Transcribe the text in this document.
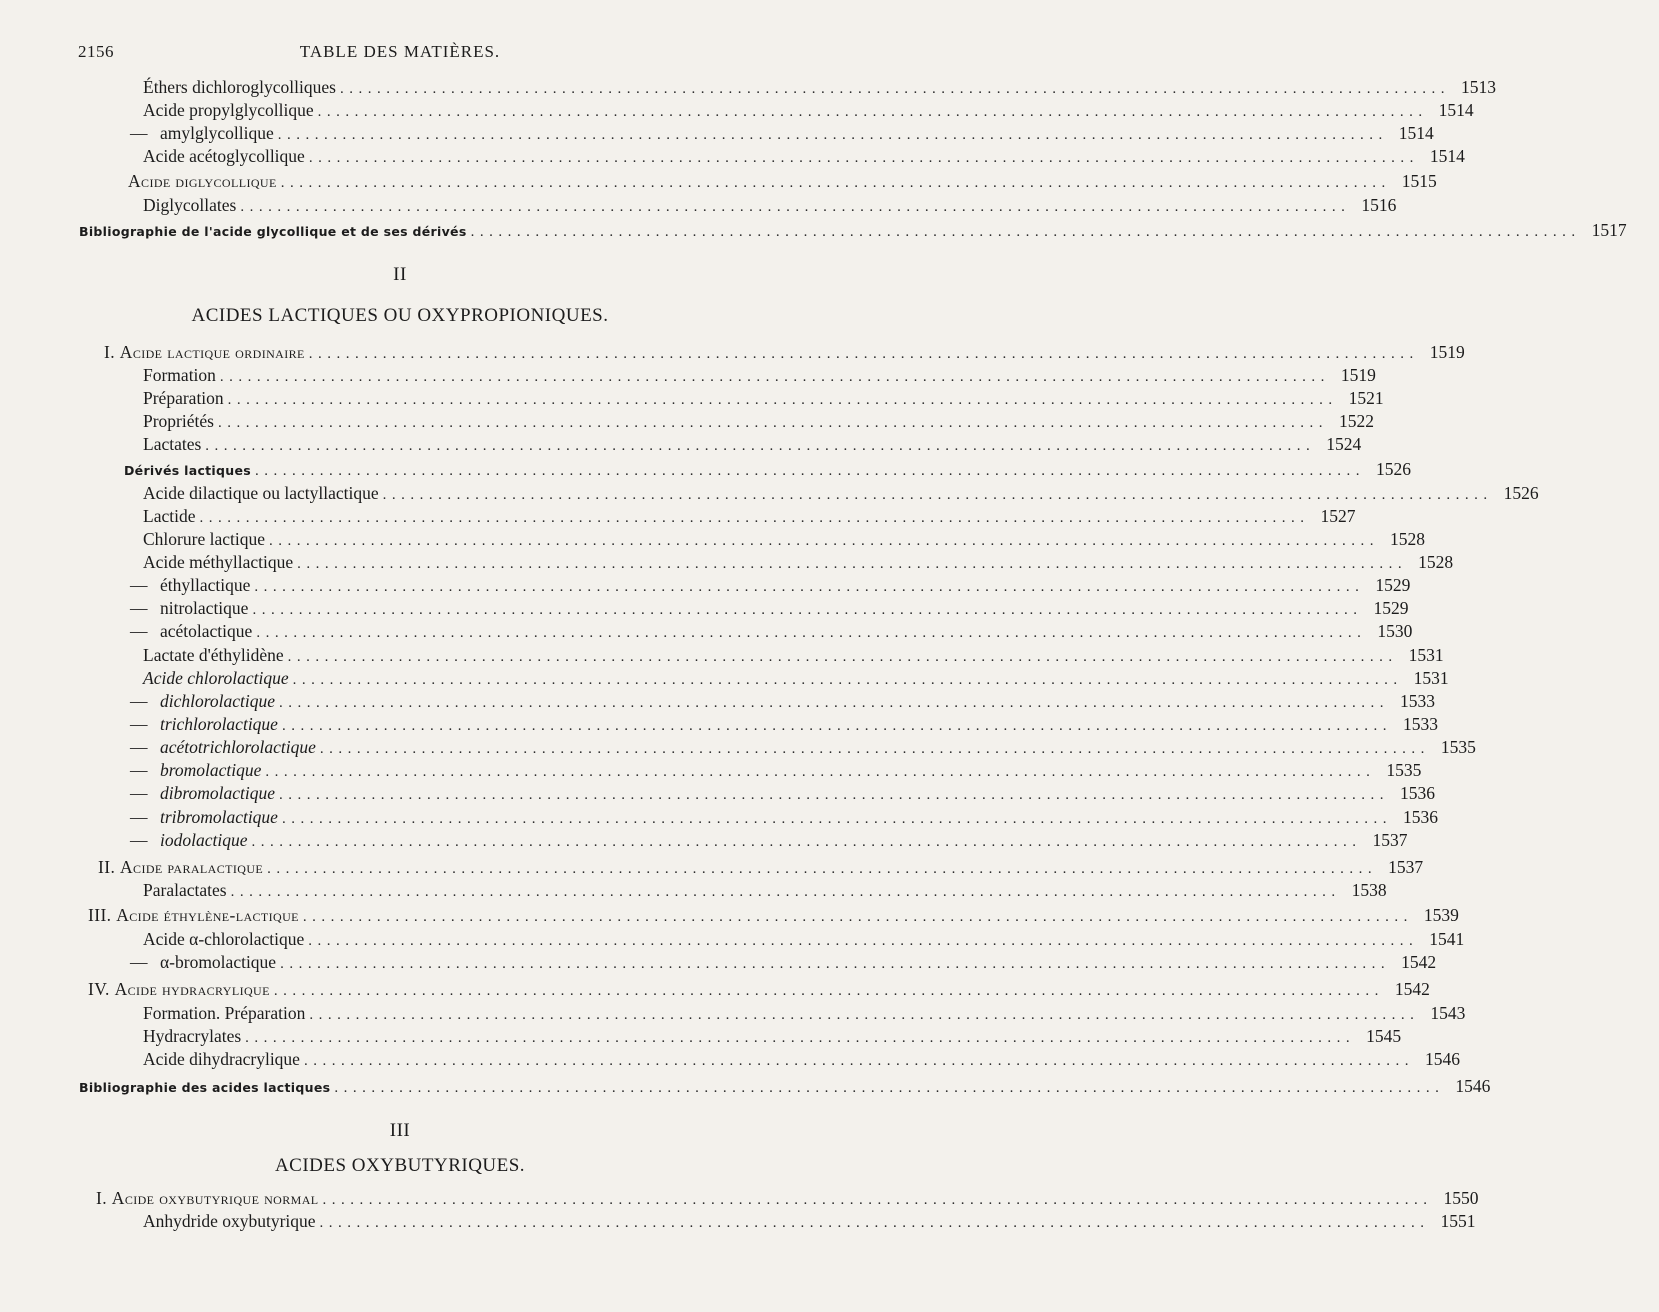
2156	TABLE DES MATIÈRES.
Éthers dichloroglycolliques ........................................................................................................................ 1513
Acide propylglycollique ........................................................................................................................ 1514
— amylglycollique ........................................................................................................................ 1514
Acide acétoglycollique ........................................................................................................................ 1514
Acide diglycollique ........................................................................................................................ 1515
Diglycollates ........................................................................................................................ 1516
Bibliographie de l'acide glycollique et de ses dérivés ........................................................................................................................ 1517
II
ACIDES LACTIQUES OU OXYPROPIONIQUES.
I. Acide lactique ordinaire ........................................................................................................................ 1519
Formation ........................................................................................................................ 1519
Préparation ........................................................................................................................ 1521
Propriétés ........................................................................................................................ 1522
Lactates ........................................................................................................................ 1524
Dérivés lactiques ........................................................................................................................ 1526
Acide dilactique ou lactyllactique ........................................................................................................................ 1526
Lactide ........................................................................................................................ 1527
Chlorure lactique ........................................................................................................................ 1528
Acide méthyllactique ........................................................................................................................ 1528
— éthyllactique ........................................................................................................................ 1529
— nitrolactique ........................................................................................................................ 1529
— acétolactique ........................................................................................................................ 1530
Lactate d'éthylidène ........................................................................................................................ 1531
Acide chlorolactique ........................................................................................................................ 1531
— dichlorolactique ........................................................................................................................ 1533
— trichlorolactique ........................................................................................................................ 1533
— acétotrichlorolactique ........................................................................................................................ 1535
— bromolactique ........................................................................................................................ 1535
— dibromolactique ........................................................................................................................ 1536
— tribromolactique ........................................................................................................................ 1536
— iodolactique ........................................................................................................................ 1537
II. Acide paralactique ........................................................................................................................ 1537
Paralactates ........................................................................................................................ 1538
III. Acide éthylène-lactique ........................................................................................................................ 1539
Acide α-chlorolactique ........................................................................................................................ 1541
— α-bromolactique ........................................................................................................................ 1542
IV. Acide hydracrylique ........................................................................................................................ 1542
Formation. Préparation ........................................................................................................................ 1543
Hydracrylates ........................................................................................................................ 1545
Acide dihydracrylique ........................................................................................................................ 1546
Bibliographie des acides lactiques ........................................................................................................................ 1546
III
ACIDES OXYBUTYRIQUES.
I. Acide oxybutyrique normal ........................................................................................................................ 1550
Anhydride oxybutyrique ........................................................................................................................ 1551
